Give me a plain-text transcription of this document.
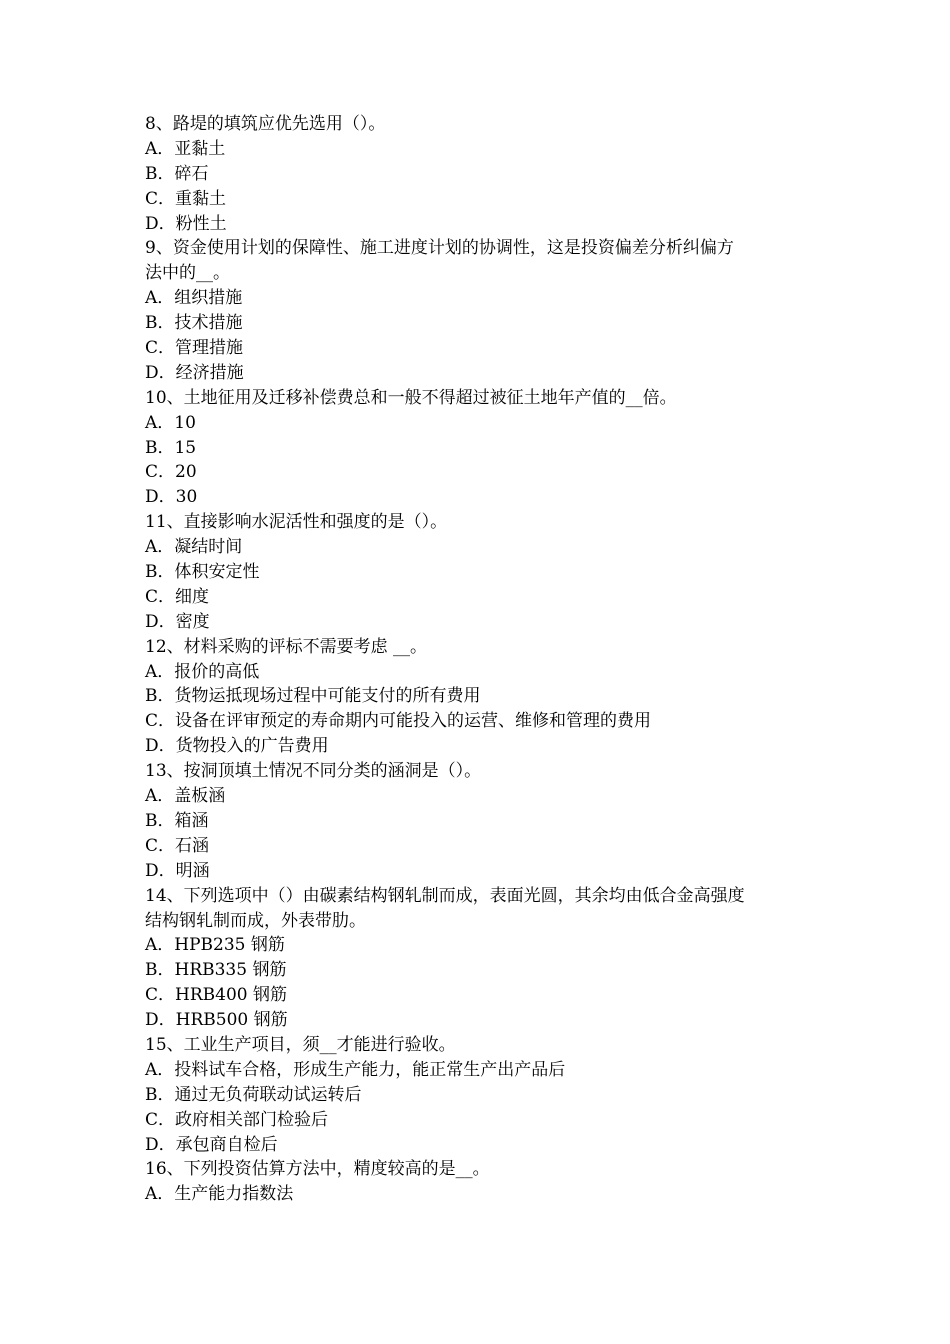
8、路堤的填筑应优先选用（）。
A．亚黏土
B．碎石
C．重黏土
D．粉性土
9、资金使用计划的保障性、施工进度计划的协调性，这是投资偏差分析纠偏方
法中的__。
A．组织措施
B．技术措施
C．管理措施
D．经济措施
10、土地征用及迁移补偿费总和一般不得超过被征土地年产值的__倍。
A．10
B．15
C．20
D．30
11、直接影响水泥活性和强度的是（）。
A．凝结时间
B．体积安定性
C．细度
D．密度
12、材料采购的评标不需要考虑 __。
A．报价的高低
B．货物运抵现场过程中可能支付的所有费用
C．设备在评审预定的寿命期内可能投入的运营、维修和管理的费用
D．货物投入的广告费用
13、按洞顶填土情况不同分类的涵洞是（）。
A．盖板涵
B．箱涵
C．石涵
D．明涵
14、下列选项中（）由碳素结构钢轧制而成，表面光圆，其余均由低合金高强度
结构钢轧制而成，外表带肋。
A．HPB235 钢筋
B．HRB335 钢筋
C．HRB400 钢筋
D．HRB500 钢筋
15、工业生产项目，须__才能进行验收。
A．投料试车合格，形成生产能力，能正常生产出产品后
B．通过无负荷联动试运转后
C．政府相关部门检验后
D．承包商自检后
16、下列投资估算方法中，精度较高的是__。
A．生产能力指数法
